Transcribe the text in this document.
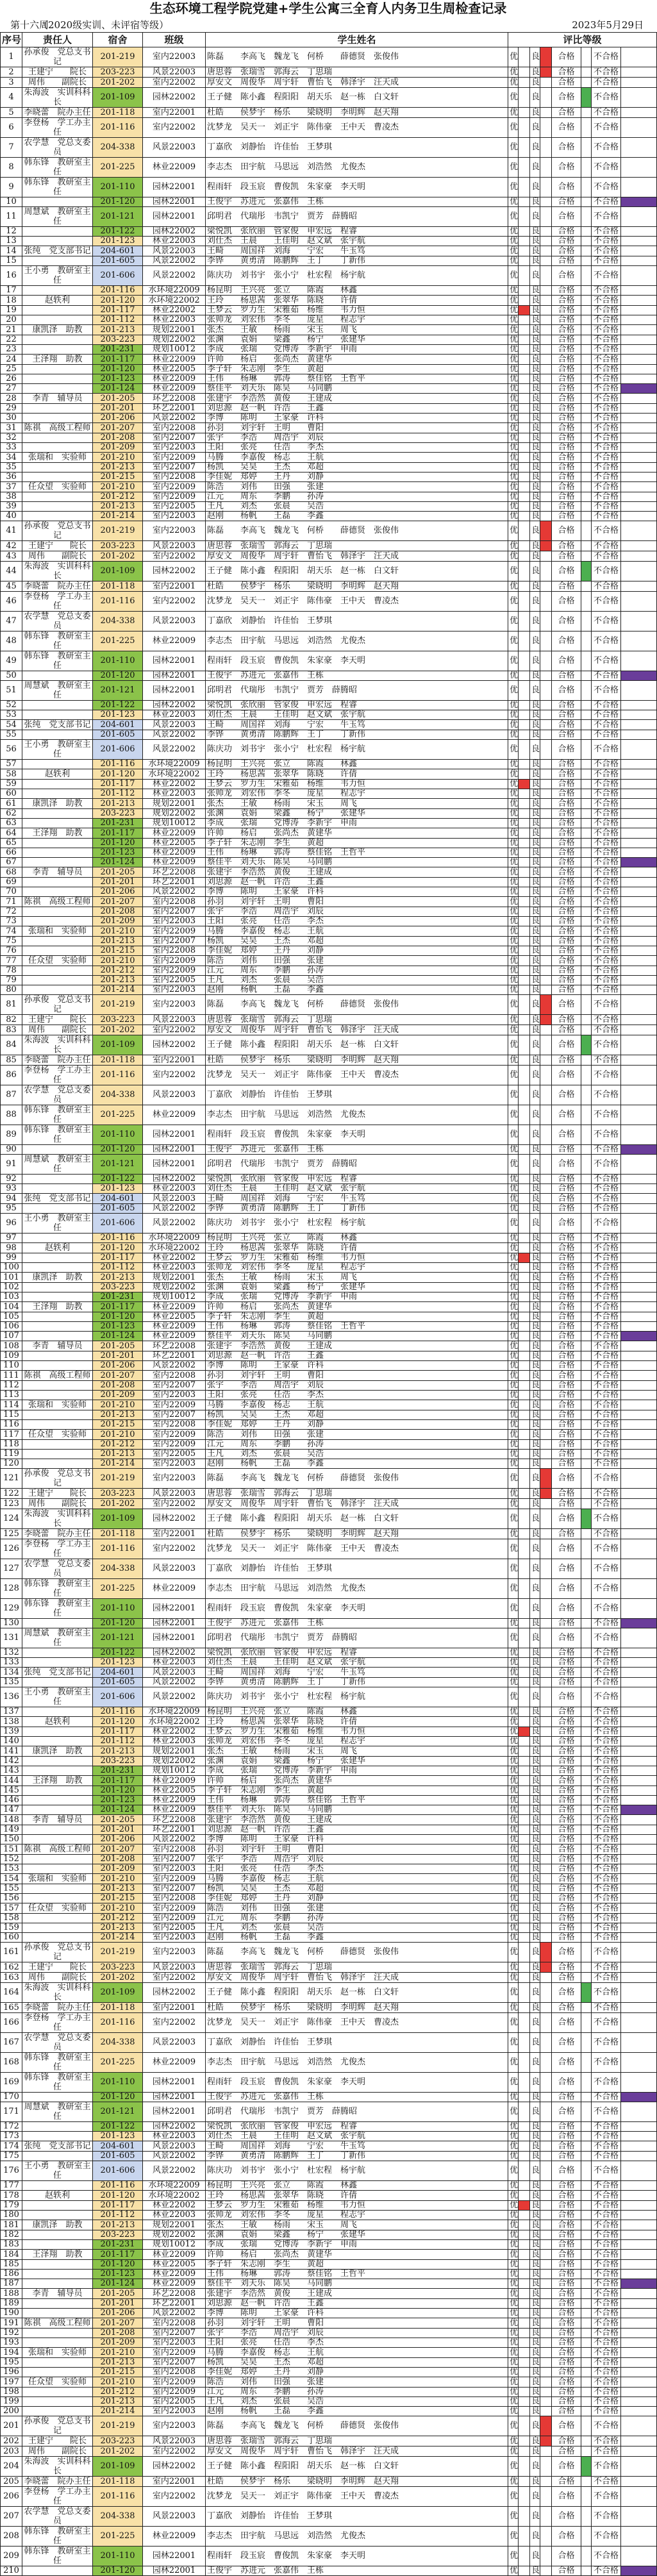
生态环境工程学院党建+学生公寓三全育人内务卫生周检查记录
第十六周
（2020级实训、未评宿等级）	2023年5月29日
序号	责任人	宿舍	班级	学生姓名	评比等级							
1	孙承俊　党总支书记	201-219	室内22003	陈磊　　李高飞　魏龙飞　何桥　　薛德贤　张俊伟	优		良		合格		不合格	
2	王建宁　　院长	203-223	风景22003	唐思蓉　张瑞雪　郭海云　丁思瑞	优		良		合格		不合格	
3	周伟　　副院长	201-202	室内22002	厚安文　周俊华　周宇轩　曹怡飞　韩泽宇　汪天成	优		良		合格		不合格	
4	朱海波　实训科科长	201-109	园林22002	王子健　陈小鑫　程阳阳　胡天乐　赵一栋　白文轩	优		良		合格		不合格	
5	李晓蕾　院办主任	201-118	室内22001	杜皓　　侯梦宇　杨乐　　梁晓明　李明辉　赵天翔	优		良		合格		不合格	
6	李登杨　学工办主任	201-116	室内22002	沈梦龙　吴天一　刘正宇　陈伟豪　王中天　曹凌杰	优		良		合格		不合格	
7	农学慧　党总支委员	204-338	风景22003	丁嘉欣　刘静怡　许佳怡　王梦琪	优		良		合格		不合格	
8	韩东锋　教研室主任	201-225	林业22009	李志杰　田宇航　马思远　刘浩然　尤俊杰	优		良		合格		不合格	
9	韩东锋　教研室主任	201-110	园林22001	程雨轩　段玉宸　曹俊凯　朱家豪　李天明	优		良		合格		不合格	
10		201-120	园林22001	王俊宇　苏进元　张嘉伟　王栋	优		良		合格		不合格	
11	周慧斌　教研室主任	201-121	园林22001	邱明君　代瑞彤　韦凯宁　贾芳　薛腾昭	优		良		合格		不合格	
12		201-122	园林22002	梁悦凯　张欣丽　管家俊　申宏远　程睿	优		良		合格		不合格	
13		201-123	林业22003	刘仕杰　王晨　　王佳明　赵文斌　张宇航	优		良		合格		不合格	
14	张纯　党支部书记	204-601	风景22003	王畸　　周国祥　刘海　　宁宏　　牛玉笃	优		良		合格		不合格	
15		201-605	风景22002	李铧　　黄勇清　陈鹏辉　王丁　　丁新伟	优		良		合格		不合格	
16	王小勇　教研室主任	201-606	风景22002	陈庆功　刘书宇　张小宁　杜宏程　杨宇航	优		良		合格		不合格	
17		201-116	水环境22009	杨昆明　王兴亮　张立　　陈霞　　林鑫	优		良		合格		不合格	
18	赵轶利	201-120	水环境22002	王玲　　杨思茜　张翠华　陈晓　　许倩	优		良		合格		不合格	
19		201-117	林业22002	王梦云　罗力生　宋雅茹　杨维　　韦力恒	优		良		合格		不合格	
20		201-112	林业22003	张帅龙　刘宏伟　李冬　　庞星　　程志宇	优		良		合格		不合格	
21	康凯泽　助教	201-213	规划22001	张杰　　王敏　　杨雨　　宋玉　　周飞	优		良		合格		不合格	
22		203-223	规划22002	张渊　　袁娟　　梁鑫　　杨宁　　张建华	优		良		合格		不合格	
23		201-231	规划10012	李成　　张瑞　　党博涛　李新宇　申雨	优		良		合格		不合格	
24	王泽翔　助教	201-117	林业22009	许帅　　杨启　　张尚杰　黄建华	优		良		合格		不合格	
25		201-120	林业22005	李子轩　朱志刚　李生　　黄超	优		良		合格		不合格	
26		201-123	林业22009	王伟　　杨琳　　郭涛　　蔡佳铭　王哲平	优		良		合格		不合格	
27		201-124	林业22009	蔡佳平　刘天乐　陈昊　　马同鹏	优		良		合格		不合格	
28	李青　辅导员	201-205	环艺22008	张建宇　李浩然　黄俊　　王建成	优		良		合格		不合格	
29		201-201	环艺22001	刘思源　赵一帆　许浩　　王鑫	优		良		合格		不合格	
30		201-206	风景22002	李博　　陈明　　王家豪　许科	优		良		合格		不合格	
31	陈祺　高级工程师	201-207	室内22008	孙羽　　刘宇轩　王明　　曹阳	优		良		合格		不合格	
32		201-208	室内22007	张宇　　李浩　　周浩宇　刘辰	优		良		合格		不合格	
33		201-209	室内22003	王阳　　张亮　　任浩　　李杰	优		良		合格		不合格	
34	张瑞和　实验师	201-210	室内22009	马腾　　李嘉俊　杨志　　王航	优		良		合格		不合格	
35		201-213	室内22007	杨凯　　吴昊　　王杰　　邓超	优		良		合格		不合格	
36		201-215	室内22008	李佳妮　郑婷　　王丹　　刘静	优		良		合格		不合格	
37	任众望　实验师	201-210	室内22009	陈浩　　刘伟　　田强　　张建	优		良		合格		不合格	
38		201-212	室内22009	江元　　周东　　李鹏　　孙涛	优		良		合格		不合格	
39		201-213	室内22005	王凡　　刘杰　　张晨　　吴浩	优		良		合格		不合格	
40		201-214	室内22003	赵刚　　杨帆　　王磊　　李鑫	优		良		合格		不合格	
41	孙承俊　党总支书记	201-219	室内22003	陈磊　　李高飞　魏龙飞　何桥　　薛德贤　张俊伟	优		良		合格		不合格	
42	王建宁　　院长	203-223	风景22003	唐思蓉　张瑞雪　郭海云　丁思瑞	优		良		合格		不合格	
43	周伟　　副院长	201-202	室内22002	厚安文　周俊华　周宇轩　曹怡飞　韩泽宇　汪天成	优		良		合格		不合格	
44	朱海波　实训科科长	201-109	园林22002	王子健　陈小鑫　程阳阳　胡天乐　赵一栋　白文轩	优		良		合格		不合格	
45	李晓蕾　院办主任	201-118	室内22001	杜皓　　侯梦宇　杨乐　　梁晓明　李明辉　赵天翔	优		良		合格		不合格	
46	李登杨　学工办主任	201-116	室内22002	沈梦龙　吴天一　刘正宇　陈伟豪　王中天　曹凌杰	优		良		合格		不合格	
47	农学慧　党总支委员	204-338	风景22003	丁嘉欣　刘静怡　许佳怡　王梦琪	优		良		合格		不合格	
48	韩东锋　教研室主任	201-225	林业22009	李志杰　田宇航　马思远　刘浩然　尤俊杰	优		良		合格		不合格	
49	韩东锋　教研室主任	201-110	园林22001	程雨轩　段玉宸　曹俊凯　朱家豪　李天明	优		良		合格		不合格	
50		201-120	园林22001	王俊宇　苏进元　张嘉伟　王栋	优		良		合格		不合格	
51	周慧斌　教研室主任	201-121	园林22001	邱明君　代瑞彤　韦凯宁　贾芳　薛腾昭	优		良		合格		不合格	
52		201-122	园林22002	梁悦凯　张欣丽　管家俊　申宏远　程睿	优		良		合格		不合格	
53		201-123	林业22003	刘仕杰　王晨　　王佳明　赵文斌　张宇航	优		良		合格		不合格	
54	张纯　党支部书记	204-601	风景22003	王畸　　周国祥　刘海　　宁宏　　牛玉笃	优		良		合格		不合格	
55		201-605	风景22002	李铧　　黄勇清　陈鹏辉　王丁　　丁新伟	优		良		合格		不合格	
56	王小勇　教研室主任	201-606	风景22002	陈庆功　刘书宇　张小宁　杜宏程　杨宇航	优		良		合格		不合格	
57		201-116	水环境22009	杨昆明　王兴亮　张立　　陈霞　　林鑫	优		良		合格		不合格	
58	赵轶利	201-120	水环境22002	王玲　　杨思茜　张翠华　陈晓　　许倩	优		良		合格		不合格	
59		201-117	林业22002	王梦云　罗力生　宋雅茹　杨维　　韦力恒	优		良		合格		不合格	
60		201-112	林业22003	张帅龙　刘宏伟　李冬　　庞星　　程志宇	优		良		合格		不合格	
61	康凯泽　助教	201-213	规划22001	张杰　　王敏　　杨雨　　宋玉　　周飞	优		良		合格		不合格	
62		203-223	规划22002	张渊　　袁娟　　梁鑫　　杨宁　　张建华	优		良		合格		不合格	
63		201-231	规划10012	李成　　张瑞　　党博涛　李新宇　申雨	优		良		合格		不合格	
64	王泽翔　助教	201-117	林业22009	许帅　　杨启　　张尚杰　黄建华	优		良		合格		不合格	
65		201-120	林业22005	李子轩　朱志刚　李生　　黄超	优		良		合格		不合格	
66		201-123	林业22009	王伟　　杨琳　　郭涛　　蔡佳铭　王哲平	优		良		合格		不合格	
67		201-124	林业22009	蔡佳平　刘天乐　陈昊　　马同鹏	优		良		合格		不合格	
68	李青　辅导员	201-205	环艺22008	张建宇　李浩然　黄俊　　王建成	优		良		合格		不合格	
69		201-201	环艺22001	刘思源　赵一帆　许浩　　王鑫	优		良		合格		不合格	
70		201-206	风景22002	李博　　陈明　　王家豪　许科	优		良		合格		不合格	
71	陈祺　高级工程师	201-207	室内22008	孙羽　　刘宇轩　王明　　曹阳	优		良		合格		不合格	
72		201-208	室内22007	张宇　　李浩　　周浩宇　刘辰	优		良		合格		不合格	
73		201-209	室内22003	王阳　　张亮　　任浩　　李杰	优		良		合格		不合格	
74	张瑞和　实验师	201-210	室内22009	马腾　　李嘉俊　杨志　　王航	优		良		合格		不合格	
75		201-213	室内22007	杨凯　　吴昊　　王杰　　邓超	优		良		合格		不合格	
76		201-215	室内22008	李佳妮　郑婷　　王丹　　刘静	优		良		合格		不合格	
77	任众望　实验师	201-210	室内22009	陈浩　　刘伟　　田强　　张建	优		良		合格		不合格	
78		201-212	室内22009	江元　　周东　　李鹏　　孙涛	优		良		合格		不合格	
79		201-213	室内22005	王凡　　刘杰　　张晨　　吴浩	优		良		合格		不合格	
80		201-214	室内22003	赵刚　　杨帆　　王磊　　李鑫	优		良		合格		不合格	
81	孙承俊　党总支书记	201-219	室内22003	陈磊　　李高飞　魏龙飞　何桥　　薛德贤　张俊伟	优		良		合格		不合格	
82	王建宁　　院长	203-223	风景22003	唐思蓉　张瑞雪　郭海云　丁思瑞	优		良		合格		不合格	
83	周伟　　副院长	201-202	室内22002	厚安文　周俊华　周宇轩　曹怡飞　韩泽宇　汪天成	优		良		合格		不合格	
84	朱海波　实训科科长	201-109	园林22002	王子健　陈小鑫　程阳阳　胡天乐　赵一栋　白文轩	优		良		合格		不合格	
85	李晓蕾　院办主任	201-118	室内22001	杜皓　　侯梦宇　杨乐　　梁晓明　李明辉　赵天翔	优		良		合格		不合格	
86	李登杨　学工办主任	201-116	室内22002	沈梦龙　吴天一　刘正宇　陈伟豪　王中天　曹凌杰	优		良		合格		不合格	
87	农学慧　党总支委员	204-338	风景22003	丁嘉欣　刘静怡　许佳怡　王梦琪	优		良		合格		不合格	
88	韩东锋　教研室主任	201-225	林业22009	李志杰　田宇航　马思远　刘浩然　尤俊杰	优		良		合格		不合格	
89	韩东锋　教研室主任	201-110	园林22001	程雨轩　段玉宸　曹俊凯　朱家豪　李天明	优		良		合格		不合格	
90		201-120	园林22001	王俊宇　苏进元　张嘉伟　王栋	优		良		合格		不合格	
91	周慧斌　教研室主任	201-121	园林22001	邱明君　代瑞彤　韦凯宁　贾芳　薛腾昭	优		良		合格		不合格	
92		201-122	园林22002	梁悦凯　张欣丽　管家俊　申宏远　程睿	优		良		合格		不合格	
93		201-123	林业22003	刘仕杰　王晨　　王佳明　赵文斌　张宇航	优		良		合格		不合格	
94	张纯　党支部书记	204-601	风景22003	王畸　　周国祥　刘海　　宁宏　　牛玉笃	优		良		合格		不合格	
95		201-605	风景22002	李铧　　黄勇清　陈鹏辉　王丁　　丁新伟	优		良		合格		不合格	
96	王小勇　教研室主任	201-606	风景22002	陈庆功　刘书宇　张小宁　杜宏程　杨宇航	优		良		合格		不合格	
97		201-116	水环境22009	杨昆明　王兴亮　张立　　陈霞　　林鑫	优		良		合格		不合格	
98	赵轶利	201-120	水环境22002	王玲　　杨思茜　张翠华　陈晓　　许倩	优		良		合格		不合格	
99		201-117	林业22002	王梦云　罗力生　宋雅茹　杨维　　韦力恒	优		良		合格		不合格	
100		201-112	林业22003	张帅龙　刘宏伟　李冬　　庞星　　程志宇	优		良		合格		不合格	
101	康凯泽　助教	201-213	规划22001	张杰　　王敏　　杨雨　　宋玉　　周飞	优		良		合格		不合格	
102		203-223	规划22002	张渊　　袁娟　　梁鑫　　杨宁　　张建华	优		良		合格		不合格	
103		201-231	规划10012	李成　　张瑞　　党博涛　李新宇　申雨	优		良		合格		不合格	
104	王泽翔　助教	201-117	林业22009	许帅　　杨启　　张尚杰　黄建华	优		良		合格		不合格	
105		201-120	林业22005	李子轩　朱志刚　李生　　黄超	优		良		合格		不合格	
106		201-123	林业22009	王伟　　杨琳　　郭涛　　蔡佳铭　王哲平	优		良		合格		不合格	
107		201-124	林业22009	蔡佳平　刘天乐　陈昊　　马同鹏	优		良		合格		不合格	
108	李青　辅导员	201-205	环艺22008	张建宇　李浩然　黄俊　　王建成	优		良		合格		不合格	
109		201-201	环艺22001	刘思源　赵一帆　许浩　　王鑫	优		良		合格		不合格	
110		201-206	风景22002	李博　　陈明　　王家豪　许科	优		良		合格		不合格	
111	陈祺　高级工程师	201-207	室内22008	孙羽　　刘宇轩　王明　　曹阳	优		良		合格		不合格	
112		201-208	室内22007	张宇　　李浩　　周浩宇　刘辰	优		良		合格		不合格	
113		201-209	室内22003	王阳　　张亮　　任浩　　李杰	优		良		合格		不合格	
114	张瑞和　实验师	201-210	室内22009	马腾　　李嘉俊　杨志　　王航	优		良		合格		不合格	
115		201-213	室内22007	杨凯　　吴昊　　王杰　　邓超	优		良		合格		不合格	
116		201-215	室内22008	李佳妮　郑婷　　王丹　　刘静	优		良		合格		不合格	
117	任众望　实验师	201-210	室内22009	陈浩　　刘伟　　田强　　张建	优		良		合格		不合格	
118		201-212	室内22009	江元　　周东　　李鹏　　孙涛	优		良		合格		不合格	
119		201-213	室内22005	王凡　　刘杰　　张晨　　吴浩	优		良		合格		不合格	
120		201-214	室内22003	赵刚　　杨帆　　王磊　　李鑫	优		良		合格		不合格	
121	孙承俊　党总支书记	201-219	室内22003	陈磊　　李高飞　魏龙飞　何桥　　薛德贤　张俊伟	优		良		合格		不合格	
122	王建宁　　院长	203-223	风景22003	唐思蓉　张瑞雪　郭海云　丁思瑞	优		良		合格		不合格	
123	周伟　　副院长	201-202	室内22002	厚安文　周俊华　周宇轩　曹怡飞　韩泽宇　汪天成	优		良		合格		不合格	
124	朱海波　实训科科长	201-109	园林22002	王子健　陈小鑫　程阳阳　胡天乐　赵一栋　白文轩	优		良		合格		不合格	
125	李晓蕾　院办主任	201-118	室内22001	杜皓　　侯梦宇　杨乐　　梁晓明　李明辉　赵天翔	优		良		合格		不合格	
126	李登杨　学工办主任	201-116	室内22002	沈梦龙　吴天一　刘正宇　陈伟豪　王中天　曹凌杰	优		良		合格		不合格	
127	农学慧　党总支委员	204-338	风景22003	丁嘉欣　刘静怡　许佳怡　王梦琪	优		良		合格		不合格	
128	韩东锋　教研室主任	201-225	林业22009	李志杰　田宇航　马思远　刘浩然　尤俊杰	优		良		合格		不合格	
129	韩东锋　教研室主任	201-110	园林22001	程雨轩　段玉宸　曹俊凯　朱家豪　李天明	优		良		合格		不合格	
130		201-120	园林22001	王俊宇　苏进元　张嘉伟　王栋	优		良		合格		不合格	
131	周慧斌　教研室主任	201-121	园林22001	邱明君　代瑞彤　韦凯宁　贾芳　薛腾昭	优		良		合格		不合格	
132		201-122	园林22002	梁悦凯　张欣丽　管家俊　申宏远　程睿	优		良		合格		不合格	
133		201-123	林业22003	刘仕杰　王晨　　王佳明　赵文斌　张宇航	优		良		合格		不合格	
134	张纯　党支部书记	204-601	风景22003	王畸　　周国祥　刘海　　宁宏　　牛玉笃	优		良		合格		不合格	
135		201-605	风景22002	李铧　　黄勇清　陈鹏辉　王丁　　丁新伟	优		良		合格		不合格	
136	王小勇　教研室主任	201-606	风景22002	陈庆功　刘书宇　张小宁　杜宏程　杨宇航	优		良		合格		不合格	
137		201-116	水环境22009	杨昆明　王兴亮　张立　　陈霞　　林鑫	优		良		合格		不合格	
138	赵轶利	201-120	水环境22002	王玲　　杨思茜　张翠华　陈晓　　许倩	优		良		合格		不合格	
139		201-117	林业22002	王梦云　罗力生　宋雅茹　杨维　　韦力恒	优		良		合格		不合格	
140		201-112	林业22003	张帅龙　刘宏伟　李冬　　庞星　　程志宇	优		良		合格		不合格	
141	康凯泽　助教	201-213	规划22001	张杰　　王敏　　杨雨　　宋玉　　周飞	优		良		合格		不合格	
142		203-223	规划22002	张渊　　袁娟　　梁鑫　　杨宁　　张建华	优		良		合格		不合格	
143		201-231	规划10012	李成　　张瑞　　党博涛　李新宇　申雨	优		良		合格		不合格	
144	王泽翔　助教	201-117	林业22009	许帅　　杨启　　张尚杰　黄建华	优		良		合格		不合格	
145		201-120	林业22005	李子轩　朱志刚　李生　　黄超	优		良		合格		不合格	
146		201-123	林业22009	王伟　　杨琳　　郭涛　　蔡佳铭　王哲平	优		良		合格		不合格	
147		201-124	林业22009	蔡佳平　刘天乐　陈昊　　马同鹏	优		良		合格		不合格	
148	李青　辅导员	201-205	环艺22008	张建宇　李浩然　黄俊　　王建成	优		良		合格		不合格	
149		201-201	环艺22001	刘思源　赵一帆　许浩　　王鑫	优		良		合格		不合格	
150		201-206	风景22002	李博　　陈明　　王家豪　许科	优		良		合格		不合格	
151	陈祺　高级工程师	201-207	室内22008	孙羽　　刘宇轩　王明　　曹阳	优		良		合格		不合格	
152		201-208	室内22007	张宇　　李浩　　周浩宇　刘辰	优		良		合格		不合格	
153		201-209	室内22003	王阳　　张亮　　任浩　　李杰	优		良		合格		不合格	
154	张瑞和　实验师	201-210	室内22009	马腾　　李嘉俊　杨志　　王航	优		良		合格		不合格	
155		201-213	室内22007	杨凯　　吴昊　　王杰　　邓超	优		良		合格		不合格	
156		201-215	室内22008	李佳妮　郑婷　　王丹　　刘静	优		良		合格		不合格	
157	任众望　实验师	201-210	室内22009	陈浩　　刘伟　　田强　　张建	优		良		合格		不合格	
158		201-212	室内22009	江元　　周东　　李鹏　　孙涛	优		良		合格		不合格	
159		201-213	室内22005	王凡　　刘杰　　张晨　　吴浩	优		良		合格		不合格	
160		201-214	室内22003	赵刚　　杨帆　　王磊　　李鑫	优		良		合格		不合格	
161	孙承俊　党总支书记	201-219	室内22003	陈磊　　李高飞　魏龙飞　何桥　　薛德贤　张俊伟	优		良		合格		不合格	
162	王建宁　　院长	203-223	风景22003	唐思蓉　张瑞雪　郭海云　丁思瑞	优		良		合格		不合格	
163	周伟　　副院长	201-202	室内22002	厚安文　周俊华　周宇轩　曹怡飞　韩泽宇　汪天成	优		良		合格		不合格	
164	朱海波　实训科科长	201-109	园林22002	王子健　陈小鑫　程阳阳　胡天乐　赵一栋　白文轩	优		良		合格		不合格	
165	李晓蕾　院办主任	201-118	室内22001	杜皓　　侯梦宇　杨乐　　梁晓明　李明辉　赵天翔	优		良		合格		不合格	
166	李登杨　学工办主任	201-116	室内22002	沈梦龙　吴天一　刘正宇　陈伟豪　王中天　曹凌杰	优		良		合格		不合格	
167	农学慧　党总支委员	204-338	风景22003	丁嘉欣　刘静怡　许佳怡　王梦琪	优		良		合格		不合格	
168	韩东锋　教研室主任	201-225	林业22009	李志杰　田宇航　马思远　刘浩然　尤俊杰	优		良		合格		不合格	
169	韩东锋　教研室主任	201-110	园林22001	程雨轩　段玉宸　曹俊凯　朱家豪　李天明	优		良		合格		不合格	
170		201-120	园林22001	王俊宇　苏进元　张嘉伟　王栋	优		良		合格		不合格	
171	周慧斌　教研室主任	201-121	园林22001	邱明君　代瑞彤　韦凯宁　贾芳　薛腾昭	优		良		合格		不合格	
172		201-122	园林22002	梁悦凯　张欣丽　管家俊　申宏远　程睿	优		良		合格		不合格	
173		201-123	林业22003	刘仕杰　王晨　　王佳明　赵文斌　张宇航	优		良		合格		不合格	
174	张纯　党支部书记	204-601	风景22003	王畸　　周国祥　刘海　　宁宏　　牛玉笃	优		良		合格		不合格	
175		201-605	风景22002	李铧　　黄勇清　陈鹏辉　王丁　　丁新伟	优		良		合格		不合格	
176	王小勇　教研室主任	201-606	风景22002	陈庆功　刘书宇　张小宁　杜宏程　杨宇航	优		良		合格		不合格	
177		201-116	水环境22009	杨昆明　王兴亮　张立　　陈霞　　林鑫	优		良		合格		不合格	
178	赵轶利	201-120	水环境22002	王玲　　杨思茜　张翠华　陈晓　　许倩	优		良		合格		不合格	
179		201-117	林业22002	王梦云　罗力生　宋雅茹　杨维　　韦力恒	优		良		合格		不合格	
180		201-112	林业22003	张帅龙　刘宏伟　李冬　　庞星　　程志宇	优		良		合格		不合格	
181	康凯泽　助教	201-213	规划22001	张杰　　王敏　　杨雨　　宋玉　　周飞	优		良		合格		不合格	
182		203-223	规划22002	张渊　　袁娟　　梁鑫　　杨宁　　张建华	优		良		合格		不合格	
183		201-231	规划10012	李成　　张瑞　　党博涛　李新宇　申雨	优		良		合格		不合格	
184	王泽翔　助教	201-117	林业22009	许帅　　杨启　　张尚杰　黄建华	优		良		合格		不合格	
185		201-120	林业22005	李子轩　朱志刚　李生　　黄超	优		良		合格		不合格	
186		201-123	林业22009	王伟　　杨琳　　郭涛　　蔡佳铭　王哲平	优		良		合格		不合格	
187		201-124	林业22009	蔡佳平　刘天乐　陈昊　　马同鹏	优		良		合格		不合格	
188	李青　辅导员	201-205	环艺22008	张建宇　李浩然　黄俊　　王建成	优		良		合格		不合格	
189		201-201	环艺22001	刘思源　赵一帆　许浩　　王鑫	优		良		合格		不合格	
190		201-206	风景22002	李博　　陈明　　王家豪　许科	优		良		合格		不合格	
191	陈祺　高级工程师	201-207	室内22008	孙羽　　刘宇轩　王明　　曹阳	优		良		合格		不合格	
192		201-208	室内22007	张宇　　李浩　　周浩宇　刘辰	优		良		合格		不合格	
193		201-209	室内22003	王阳　　张亮　　任浩　　李杰	优		良		合格		不合格	
194	张瑞和　实验师	201-210	室内22009	马腾　　李嘉俊　杨志　　王航	优		良		合格		不合格	
195		201-213	室内22007	杨凯　　吴昊　　王杰　　邓超	优		良		合格		不合格	
196		201-215	室内22008	李佳妮　郑婷　　王丹　　刘静	优		良		合格		不合格	
197	任众望　实验师	201-210	室内22009	陈浩　　刘伟　　田强　　张建	优		良		合格		不合格	
198		201-212	室内22009	江元　　周东　　李鹏　　孙涛	优		良		合格		不合格	
199		201-213	室内22005	王凡　　刘杰　　张晨　　吴浩	优		良		合格		不合格	
200		201-214	室内22003	赵刚　　杨帆　　王磊　　李鑫	优		良		合格		不合格	
201	孙承俊　党总支书记	201-219	室内22003	陈磊　　李高飞　魏龙飞　何桥　　薛德贤　张俊伟	优		良		合格		不合格	
202	王建宁　　院长	203-223	风景22003	唐思蓉　张瑞雪　郭海云　丁思瑞	优		良		合格		不合格	
203	周伟　　副院长	201-202	室内22002	厚安文　周俊华　周宇轩　曹怡飞　韩泽宇　汪天成	优		良		合格		不合格	
204	朱海波　实训科科长	201-109	园林22002	王子健　陈小鑫　程阳阳　胡天乐　赵一栋　白文轩	优		良		合格		不合格	
205	李晓蕾　院办主任	201-118	室内22001	杜皓　　侯梦宇　杨乐　　梁晓明　李明辉　赵天翔	优		良		合格		不合格	
206	李登杨　学工办主任	201-116	室内22002	沈梦龙　吴天一　刘正宇　陈伟豪　王中天　曹凌杰	优		良		合格		不合格	
207	农学慧　党总支委员	204-338	风景22003	丁嘉欣　刘静怡　许佳怡　王梦琪	优		良		合格		不合格	
208	韩东锋　教研室主任	201-225	林业22009	李志杰　田宇航　马思远　刘浩然　尤俊杰	优		良		合格		不合格	
209	韩东锋　教研室主任	201-110	园林22001	程雨轩　段玉宸　曹俊凯　朱家豪　李天明	优		良		合格		不合格	
210		201-120	园林22001	王俊宇　苏进元　张嘉伟　王栋	优		良		合格		不合格	
